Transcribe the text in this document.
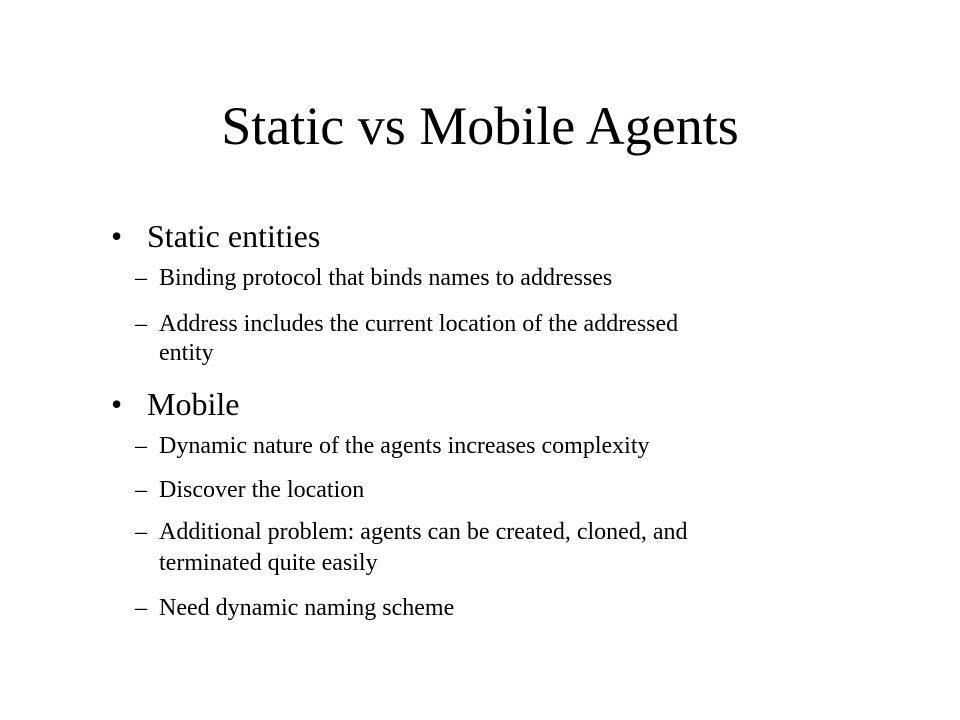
Static vs Mobile Agents
• Static entities
– Binding protocol that binds names to addresses
– Address includes the current location of the addressed
entity
• Mobile
– Dynamic nature of the agents increases complexity
– Discover the location
– Additional problem: agents can be created, cloned, and
terminated quite easily
– Need dynamic naming scheme
